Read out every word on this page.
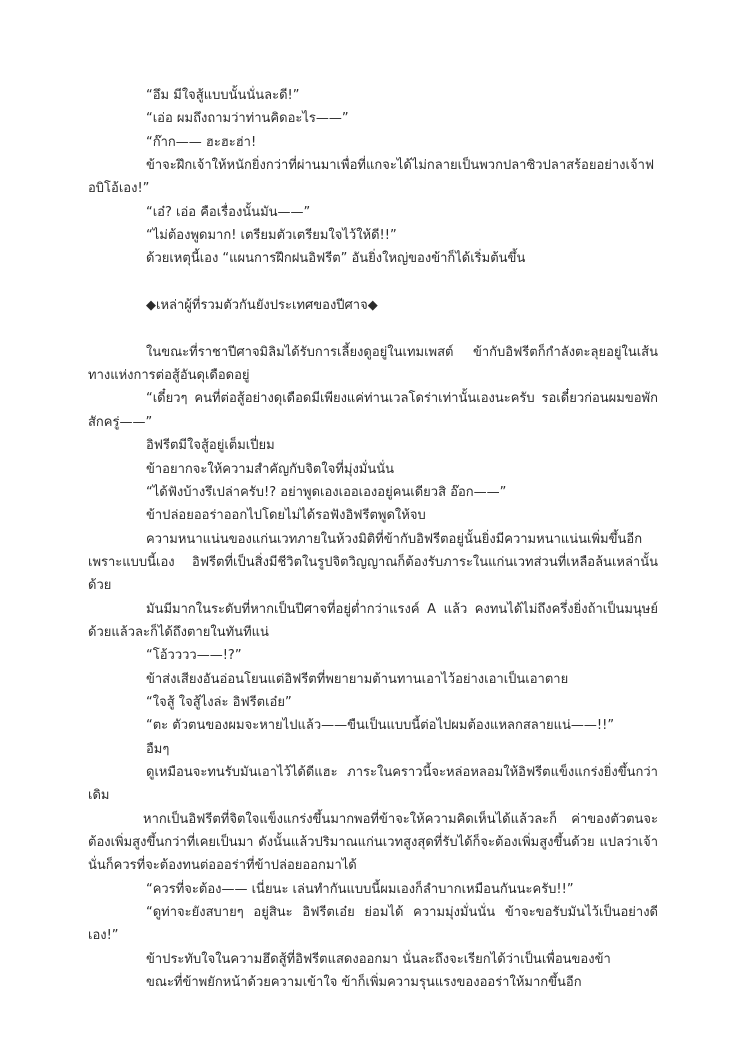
“อึม มีใจสู้แบบนั้นนั่นละดี!”

“เอ่อ ผมถึงถามว่าท่านคิดอะไร——”

“ก๊าก—— ฮะฮะฮ่า!

ข้าจะฝึกเจ้าให้หนักยิ่งกว่าที่ผ่านมาเพื่อที่แกจะได้ไม่กลายเป็นพวกปลาซิวปลาสร้อยอย่างเจ้าฟอบิโอ้เอง!”

“เอ๋? เอ่อ คือเรื่องนั้นมัน——”

“ไม่ต้องพูดมาก! เตรียมตัวเตรียมใจไว้ให้ดี!!”

ด้วยเหตุนี้เอง “แผนการฝึกฝนอิฟรีต” อันยิ่งใหญ่ของข้าก็ได้เริ่มต้นขึ้น

◆เหล่าผู้ที่รวมตัวกันยังประเทศของปีศาจ◆

ในขณะที่ราชาปีศาจมิลิมได้รับการเลี้ยงดูอยู่ในเทมเพสต์ ข้ากับอิฟรีตก็กำลังตะลุยอยู่ในเส้นทางแห่งการต่อสู้อันดุเดือดอยู่

“เดี๋ยวๆ คนที่ต่อสู้อย่างดุเดือดมีเพียงแค่ท่านเวลโดร่าเท่านั้นเองนะครับ รอเดี๋ยวก่อนผมขอพักสักครู่——”

อิฟรีตมีใจสู้อยู่เต็มเปี่ยม

ข้าอยากจะให้ความสำคัญกับจิตใจที่มุ่งมั่นนั่น

“ได้ฟังบ้างรึเปล่าครับ!? อย่าพูดเองเออเองอยู่คนเดียวสิ อ๊อก——”

ข้าปล่อยออร่าออกไปโดยไม่ได้รอฟังอิฟรีตพูดให้จบ

ความหนาแน่นของแก่นเวทภายในห้วงมิติที่ข้ากับอิฟรีตอยู่นั้นยิ่งมีความหนาแน่นเพิ่มขึ้นอีก เพราะแบบนี้เอง อิฟรีตที่เป็นสิ่งมีชีวิตในรูปจิตวิญญาณก็ต้องรับภาระในแก่นเวทส่วนที่เหลือล้นเหล่านั้นด้วย

มันมีมากในระดับที่หากเป็นปีศาจที่อยู่ต่ำกว่าแรงค์ A แล้ว คงทนได้ไม่ถึงครึ่งยิ่งถ้าเป็นมนุษย์ด้วยแล้วละก็ได้ถึงตายในทันทีแน่

“โอ้วววว——!?”

ข้าส่งเสียงอันอ่อนโยนแต่อิฟรีตที่พยายามต้านทานเอาไว้อย่างเอาเป็นเอาตาย

“ใจสู้ ใจสู้ไงล่ะ อิฟรีตเอ๋ย”

“ตะ ตัวตนของผมจะหายไปแล้ว——ขืนเป็นแบบนี้ต่อไปผมต้องแหลกสลายแน่——!!”

อืมๆ

ดูเหมือนจะทนรับมันเอาไว้ได้ดีแฮะ ภาระในคราวนี้จะหล่อหลอมให้อิฟรีตแข็งแกร่งยิ่งขึ้นกว่าเดิม

หากเป็นอิฟรีตที่จิตใจแข็งแกร่งขึ้นมากพอที่ข้าจะให้ความคิดเห็นได้แล้วละก็ ค่าของตัวตนจะต้องเพิ่มสูงขึ้นกว่าที่เคยเป็นมา ดังนั้นแล้วปริมาณแก่นเวทสูงสุดที่รับได้ก็จะต้องเพิ่มสูงขึ้นด้วย แปลว่าเจ้านั่นก็ควรที่จะต้องทนต่อออร่าที่ข้าปล่อยออกมาได้

“ควรที่จะต้อง—— เนี่ยนะ เล่นทำกันแบบนี้ผมเองก็ลำบากเหมือนกันนะครับ!!”

“ดูท่าจะยังสบายๆ อยู่สินะ อิฟรีตเอ๋ย ย่อมได้ ความมุ่งมั่นนั่น ข้าจะขอรับมันไว้เป็นอย่างดีเอง!”

ข้าประทับใจในความฮึดสู้ที่อิฟรีตแสดงออกมา นั่นละถึงจะเรียกได้ว่าเป็นเพื่อนของข้า

ขณะที่ข้าพยักหน้าด้วยความเข้าใจ ข้าก็เพิ่มความรุนแรงของออร่าให้มากขึ้นอีก
